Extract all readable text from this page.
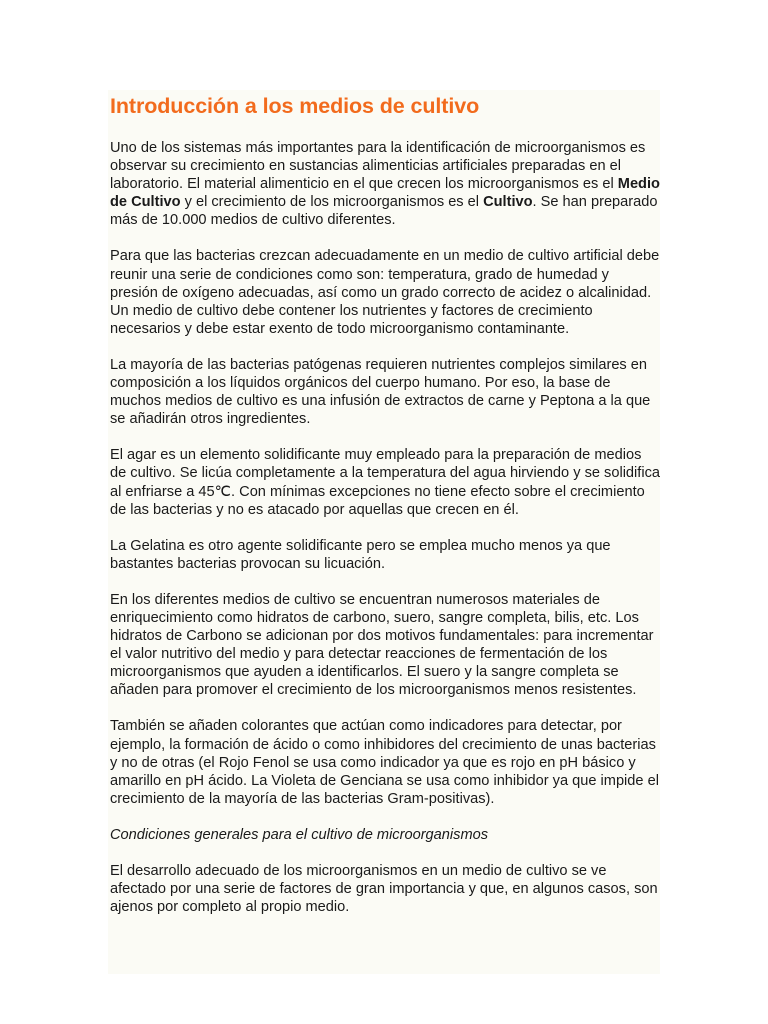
Introducción a los medios de cultivo

Uno de los sistemas más importantes para la identificación de microorganismos es observar su crecimiento en sustancias alimenticias artificiales preparadas en el laboratorio. El material alimenticio en el que crecen los microorganismos es el Medio de Cultivo y el crecimiento de los microorganismos es el Cultivo. Se han preparado más de 10.000 medios de cultivo diferentes.

Para que las bacterias crezcan adecuadamente en un medio de cultivo artificial debe reunir una serie de condiciones como son: temperatura, grado de humedad y presión de oxígeno adecuadas, así como un grado correcto de acidez o alcalinidad. Un medio de cultivo debe contener los nutrientes y factores de crecimiento necesarios y debe estar exento de todo microorganismo contaminante.

La mayoría de las bacterias patógenas requieren nutrientes complejos similares en composición a los líquidos orgánicos del cuerpo humano. Por eso, la base de muchos medios de cultivo es una infusión de extractos de carne y Peptona a la que se añadirán otros ingredientes.

El agar es un elemento solidificante muy empleado para la preparación de medios de cultivo. Se licúa completamente a la temperatura del agua hirviendo y se solidifica al enfriarse a 45℃. Con mínimas excepciones no tiene efecto sobre el crecimiento de las bacterias y no es atacado por aquellas que crecen en él.

La Gelatina es otro agente solidificante pero se emplea mucho menos ya que bastantes bacterias provocan su licuación.

En los diferentes medios de cultivo se encuentran numerosos materiales de enriquecimiento como hidratos de carbono, suero, sangre completa, bilis, etc. Los hidratos de Carbono se adicionan por dos motivos fundamentales: para incrementar el valor nutritivo del medio y para detectar reacciones de fermentación de los microorganismos que ayuden a identificarlos. El suero y la sangre completa se añaden para promover el crecimiento de los microorganismos menos resistentes.

También se añaden colorantes que actúan como indicadores para detectar, por ejemplo, la formación de ácido o como inhibidores del crecimiento de unas bacterias y no de otras (el Rojo Fenol se usa como indicador ya que es rojo en pH básico y amarillo en pH ácido. La Violeta de Genciana se usa como inhibidor ya que impide el crecimiento de la mayoría de las bacterias Gram-positivas).

Condiciones generales para el cultivo de microorganismos

El desarrollo adecuado de los microorganismos en un medio de cultivo se ve afectado por una serie de factores de gran importancia y que, en algunos casos, son ajenos por completo al propio medio.
